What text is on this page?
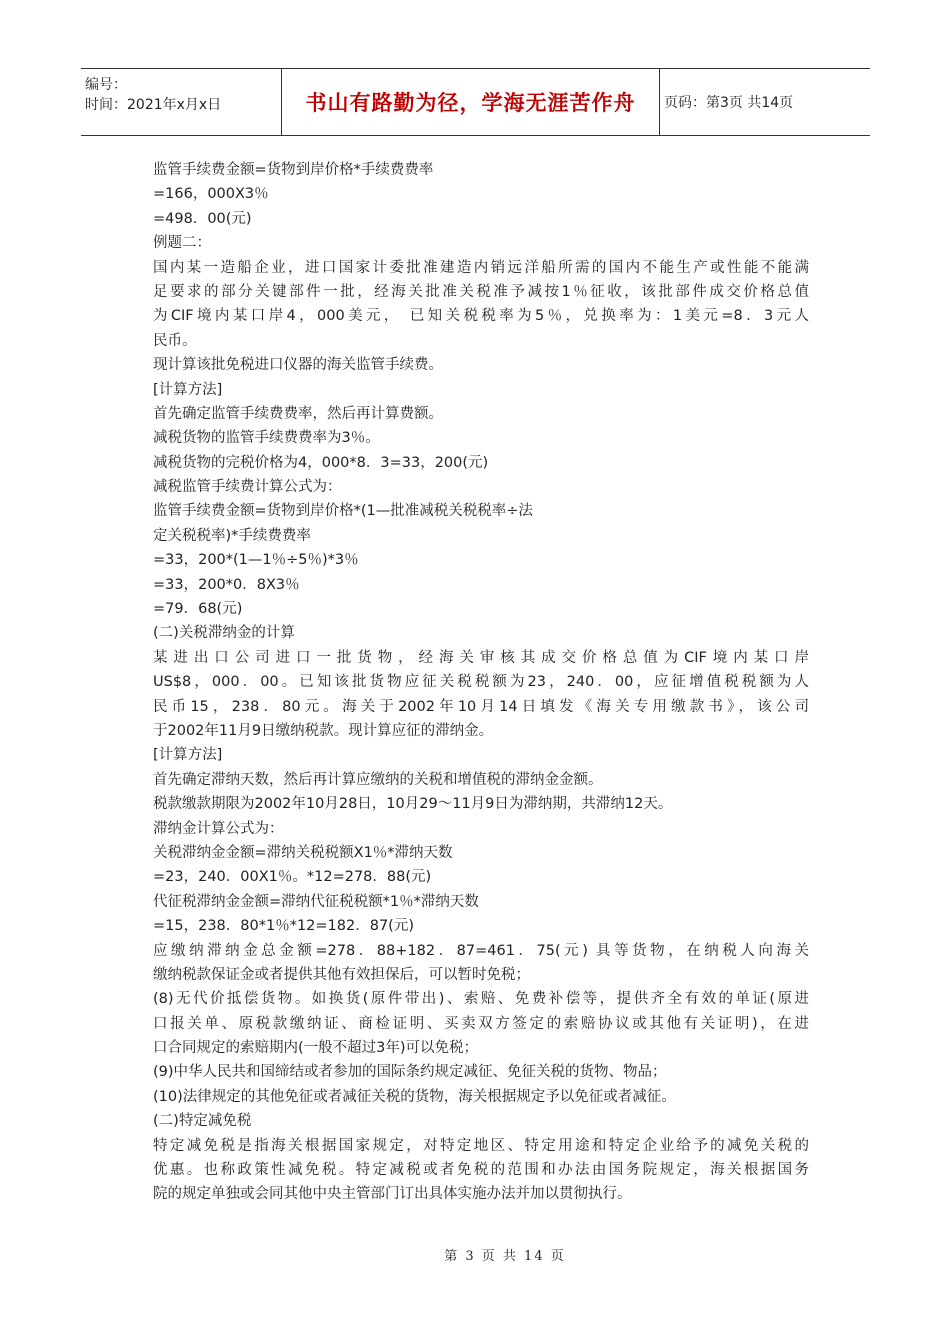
编号：
时间：2021年x月x日	书山有路勤为径，学海无涯苦作舟	页码：第3页 共14页
监管手续费金额=货物到岸价格*手续费费率
=166，000X3％
=498．00(元)
例题二：
国内某一造船企业，进口国家计委批准建造内销远洋船所需的国内不能生产或性能不能满
足要求的部分关键部件一批，经海关批准关税准予减按1％征收，该批部件成交价格总值
为CIF境内某口岸4，000美元， 已知关税税率为5％，兑换率为：1美元=8．3元人
民币。
现计算该批免税进口仪器的海关监管手续费。
[计算方法]
首先确定监管手续费费率，然后再计算费额。
减税货物的监管手续费费率为3％。
减税货物的完税价格为4，000*8．3=33，200(元)
减税监管手续费计算公式为：
监管手续费金额=货物到岸价格*(1—批准减税关税税率÷法
定关税税率)*手续费费率
=33，200*(1—1％÷5％)*3％
=33，200*0．8X3％
=79．68(元)
(二)关税滞纳金的计算
某进出口公司进口一批货物，经海关审核其成交价格总值为CIF境内某口岸
US$8，000．00。已知该批货物应征关税税额为23，240．00，应征增值税税额为人
民币15，238．80元。海关于2002年10月14日填发《海关专用缴款书》，该公司
于2002年11月9日缴纳税款。现计算应征的滞纳金。
[计算方法]
首先确定滞纳天数，然后再计算应缴纳的关税和增值税的滞纳金金额。
税款缴款期限为2002年10月28日，10月29～11月9日为滞纳期，共滞纳12天。
滞纳金计算公式为：
关税滞纳金金额=滞纳关税税额X1％*滞纳天数
=23，240．00X1％。*12=278．88(元)
代征税滞纳金金额=滞纳代征税税额*1％*滞纳天数
=15，238．80*1％*12=182．87(元)
应缴纳滞纳金总金额=278．88+182．87=461．75(元) 具等货物，在纳税人向海关
缴纳税款保证金或者提供其他有效担保后，可以暂时免税；
(8)无代价抵偿货物。如换货(原件带出)、索赔、免费补偿等，提供齐全有效的单证(原进
口报关单、原税款缴纳证、商检证明、买卖双方签定的索赔协议或其他有关证明)，在进
口合同规定的索赔期内(一般不超过3年)可以免税；
(9)中华人民共和国缔结或者参加的国际条约规定减征、免征关税的货物、物品；
(10)法律规定的其他免征或者减征关税的货物，海关根据规定予以免征或者减征。
(二)特定减免税
特定减免税是指海关根据国家规定，对特定地区、特定用途和特定企业给予的减免关税的
优惠。也称政策性减免税。特定减税或者免税的范围和办法由国务院规定，海关根据国务
院的规定单独或会同其他中央主管部门订出具体实施办法并加以贯彻执行。
第 3 页 共 14 页
